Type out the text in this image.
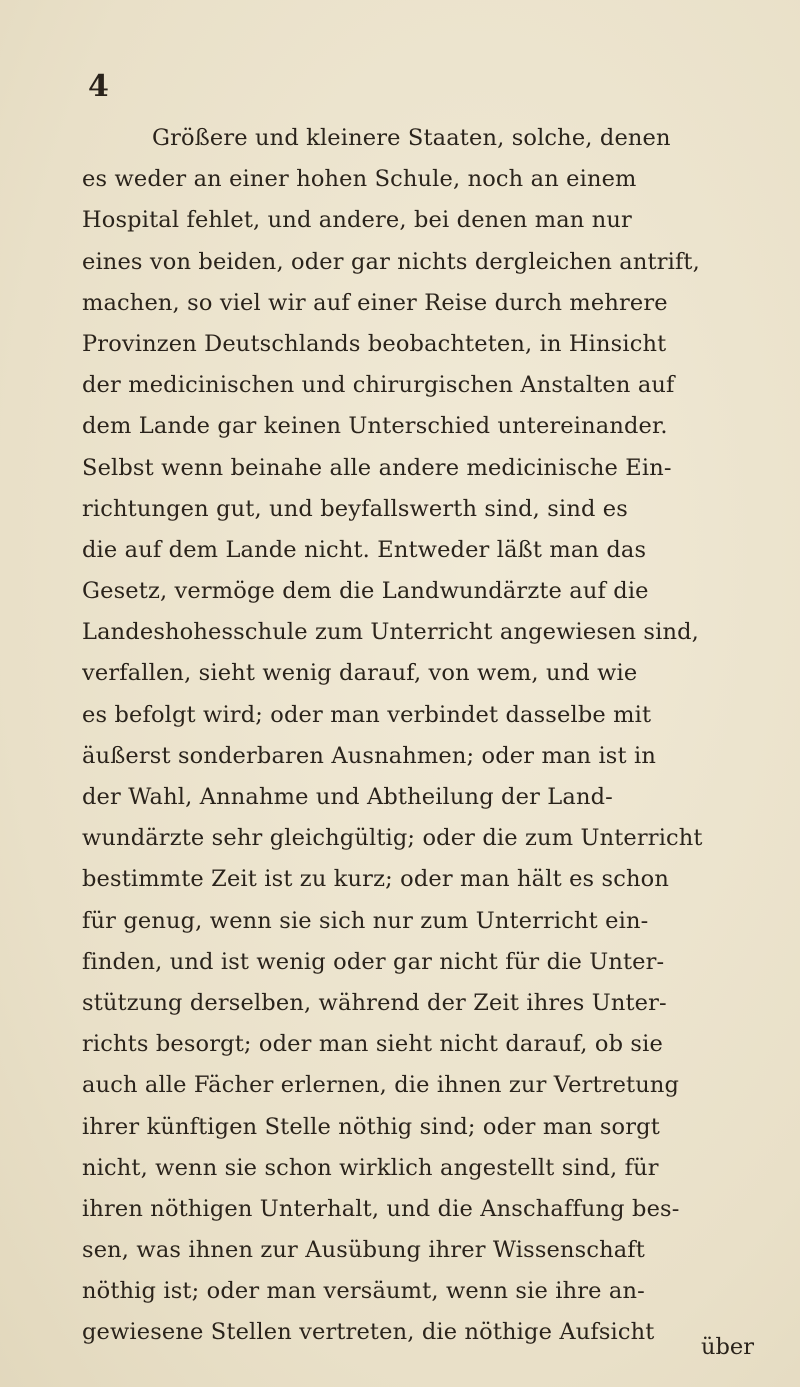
4
Größere und kleinere Staaten, solche, denen
es weder an einer hohen Schule, noch an einem
Hospital fehlet, und andere, bei denen man nur
eines von beiden, oder gar nichts dergleichen antrift,
machen, so viel wir auf einer Reise durch mehrere
Provinzen Deutschlands beobachteten, in Hinsicht
der medicinischen und chirurgischen Anstalten auf
dem Lande gar keinen Unterschied untereinander.
Selbst wenn beinahe alle andere medicinische Ein-
richtungen gut, und beyfallswerth sind, sind es
die auf dem Lande nicht. Entweder läßt man das
Gesetz, vermöge dem die Landwundärzte auf die
Landeshohesschule zum Unterricht angewiesen sind,
verfallen, sieht wenig darauf, von wem, und wie
es befolgt wird; oder man verbindet dasselbe mit
äußerst sonderbaren Ausnahmen; oder man ist in
der Wahl, Annahme und Abtheilung der Land-
wundärzte sehr gleichgültig; oder die zum Unterricht
bestimmte Zeit ist zu kurz; oder man hält es schon
für genug, wenn sie sich nur zum Unterricht ein-
finden, und ist wenig oder gar nicht für die Unter-
stützung derselben, während der Zeit ihres Unter-
richts besorgt; oder man sieht nicht darauf, ob sie
auch alle Fächer erlernen, die ihnen zur Vertretung
ihrer künftigen Stelle nöthig sind; oder man sorgt
nicht, wenn sie schon wirklich angestellt sind, für
ihren nöthigen Unterhalt, und die Anschaffung bes-
sen, was ihnen zur Ausübung ihrer Wissenschaft
nöthig ist; oder man versäumt, wenn sie ihre an-
gewiesene Stellen vertreten, die nöthige Aufsicht
über
